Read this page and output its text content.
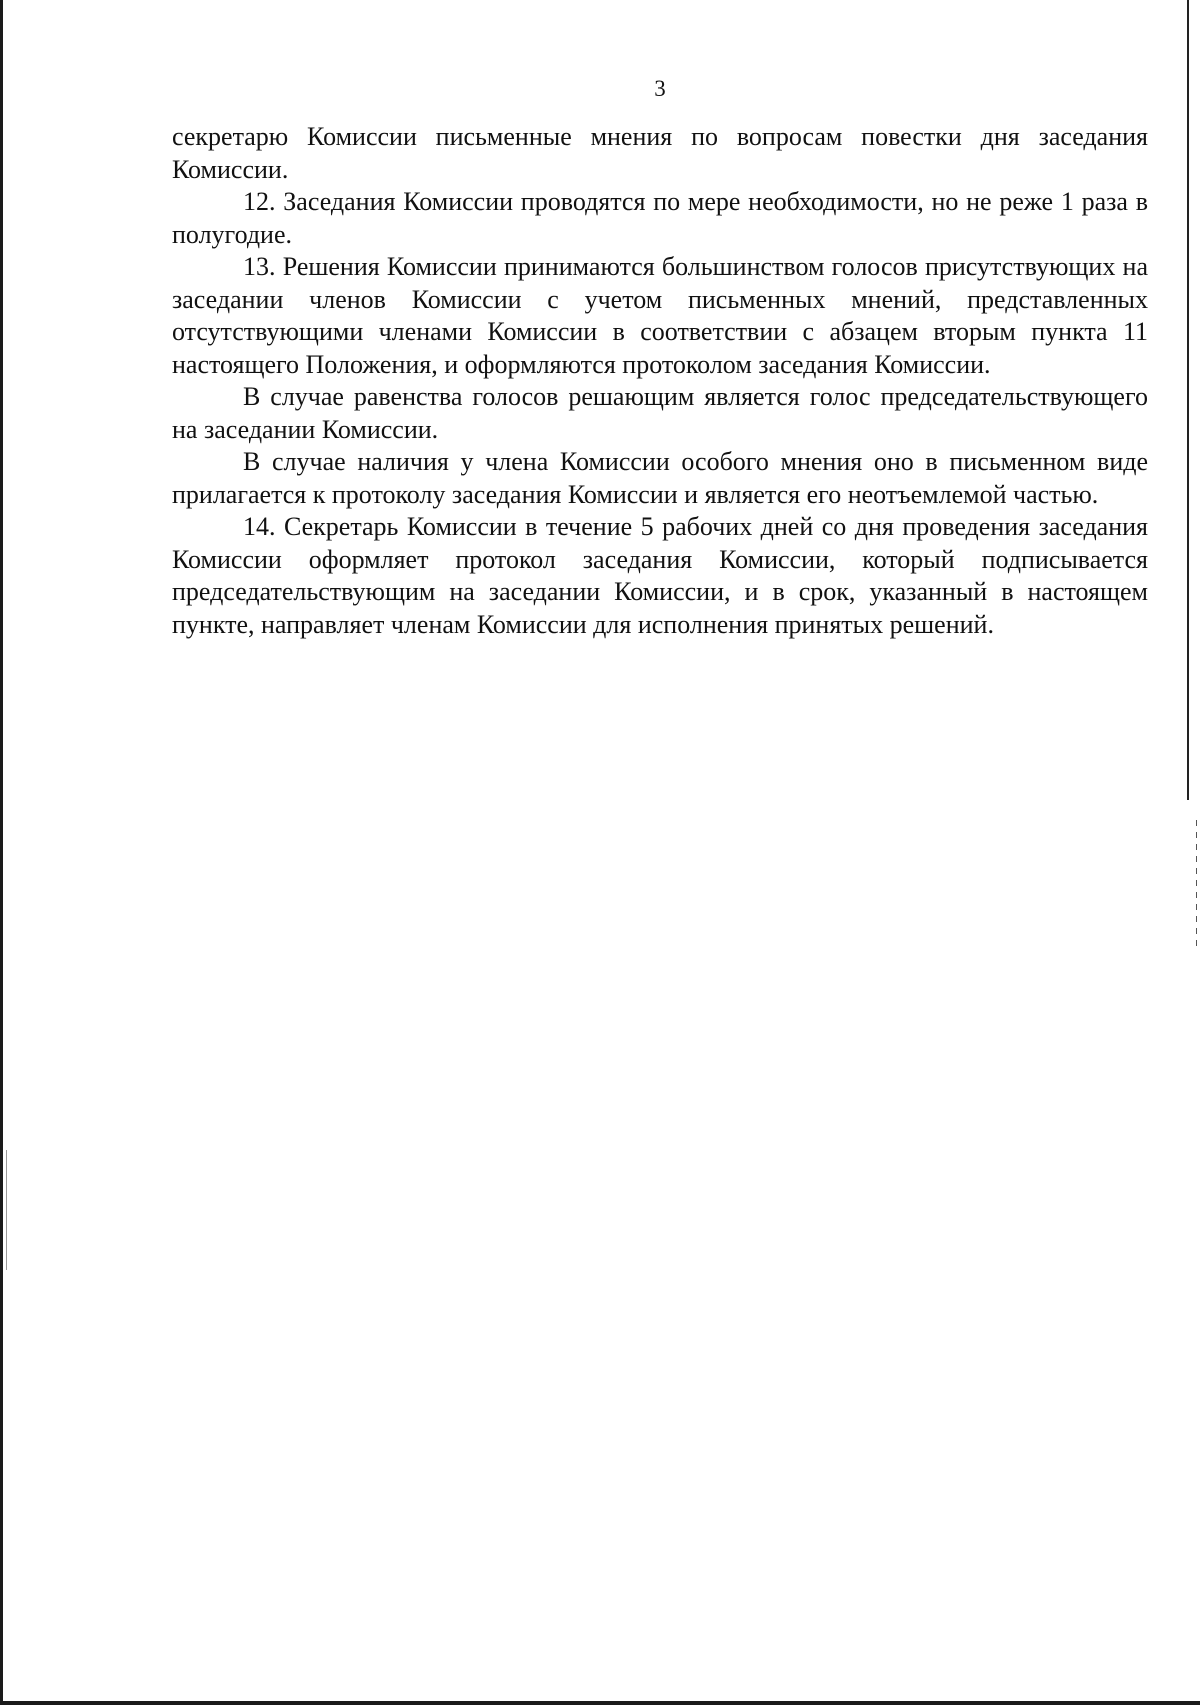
3

секретарю Комиссии письменные мнения по вопросам повестки дня заседания Комиссии.

12. Заседания Комиссии проводятся по мере необходимости, но не реже 1 раза в полугодие.

13. Решения Комиссии принимаются большинством голосов присутствующих на заседании членов Комиссии с учетом письменных мнений, представленных отсутствующими членами Комиссии в соответствии с абзацем вторым пункта 11 настоящего Положения, и оформляются протоколом заседания Комиссии.

В случае равенства голосов решающим является голос председательствующего на заседании Комиссии.

В случае наличия у члена Комиссии особого мнения оно в письменном виде прилагается к протоколу заседания Комиссии и является его неотъемлемой частью.

14. Секретарь Комиссии в течение 5 рабочих дней со дня проведения заседания Комиссии оформляет протокол заседания Комиссии, который подписывается председательствующим на заседании Комиссии, и в срок, указанный в настоящем пункте, направляет членам Комиссии для исполнения принятых решений.
